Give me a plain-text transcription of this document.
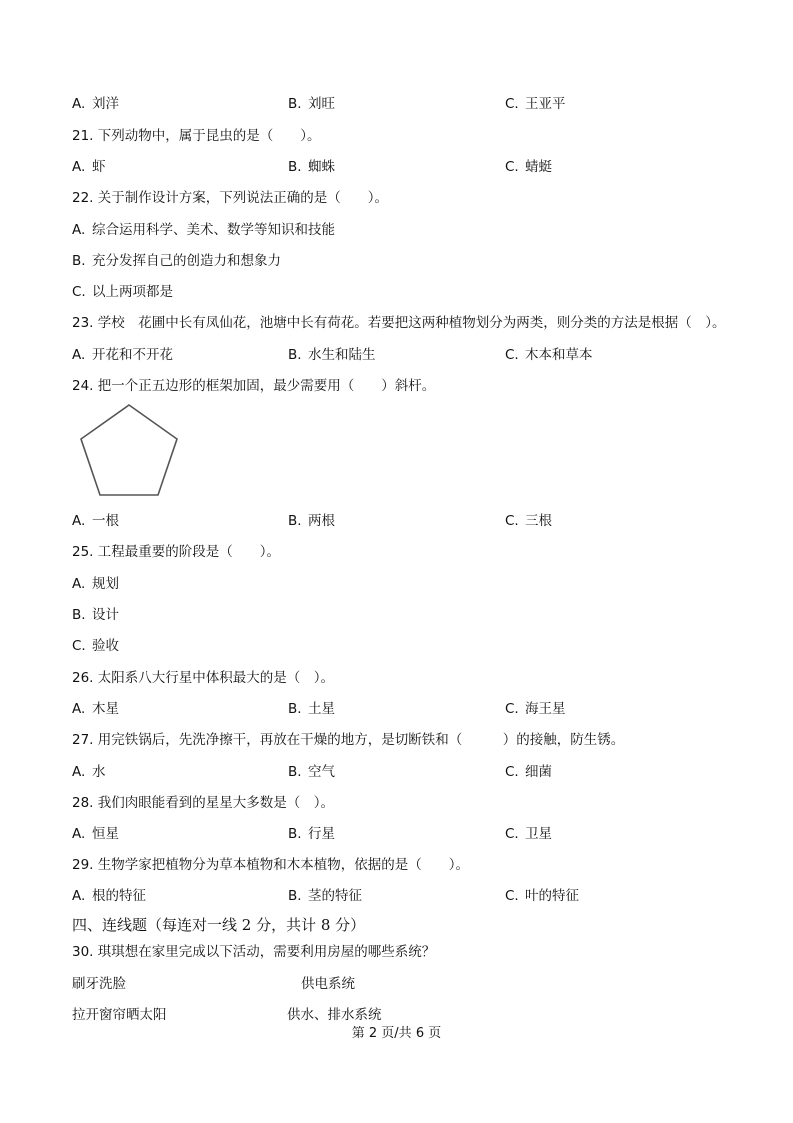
A. 刘洋	B. 刘旺	C. 王亚平
21. 下列动物中，属于昆虫的是（　　）。
A. 虾	B. 蜘蛛	C. 蜻蜓
22. 关于制作设计方案，下列说法正确的是（　　）。
A. 综合运用科学、美术、数学等知识和技能
B. 充分发挥自己的创造力和想象力
C. 以上两项都是
23. 学校　花圃中长有凤仙花，池塘中长有荷花。若要把这两种植物划分为两类，则分类的方法是根据（　）。
A. 开花和不开花	B. 水生和陆生	C. 木本和草本
24. 把一个正五边形的框架加固，最少需要用（　　）斜杆。
A. 一根	B. 两根	C. 三根
25. 工程最重要的阶段是（　　）。
A. 规划
B. 设计
C. 验收
26. 太阳系八大行星中体积最大的是（　）。
A. 木星	B. 土星	C. 海王星
27. 用完铁锅后，先洗净擦干，再放在干燥的地方，是切断铁和（　　　）的接触，防生锈。
A. 水	B. 空气	C. 细菌
28. 我们肉眼能看到的星星大多数是（　）。
A. 恒星	B. 行星	C. 卫星
29. 生物学家把植物分为草本植物和木本植物，依据的是（　　）。
A. 根的特征	B. 茎的特征	C. 叶的特征
四、连线题（每连对一线 2 分，共计 8 分）
30. 琪琪想在家里完成以下活动，需要利用房屋的哪些系统？
刷牙洗脸	供电系统
拉开窗帘晒太阳	供水、排水系统
第 2 页/共 6 页
